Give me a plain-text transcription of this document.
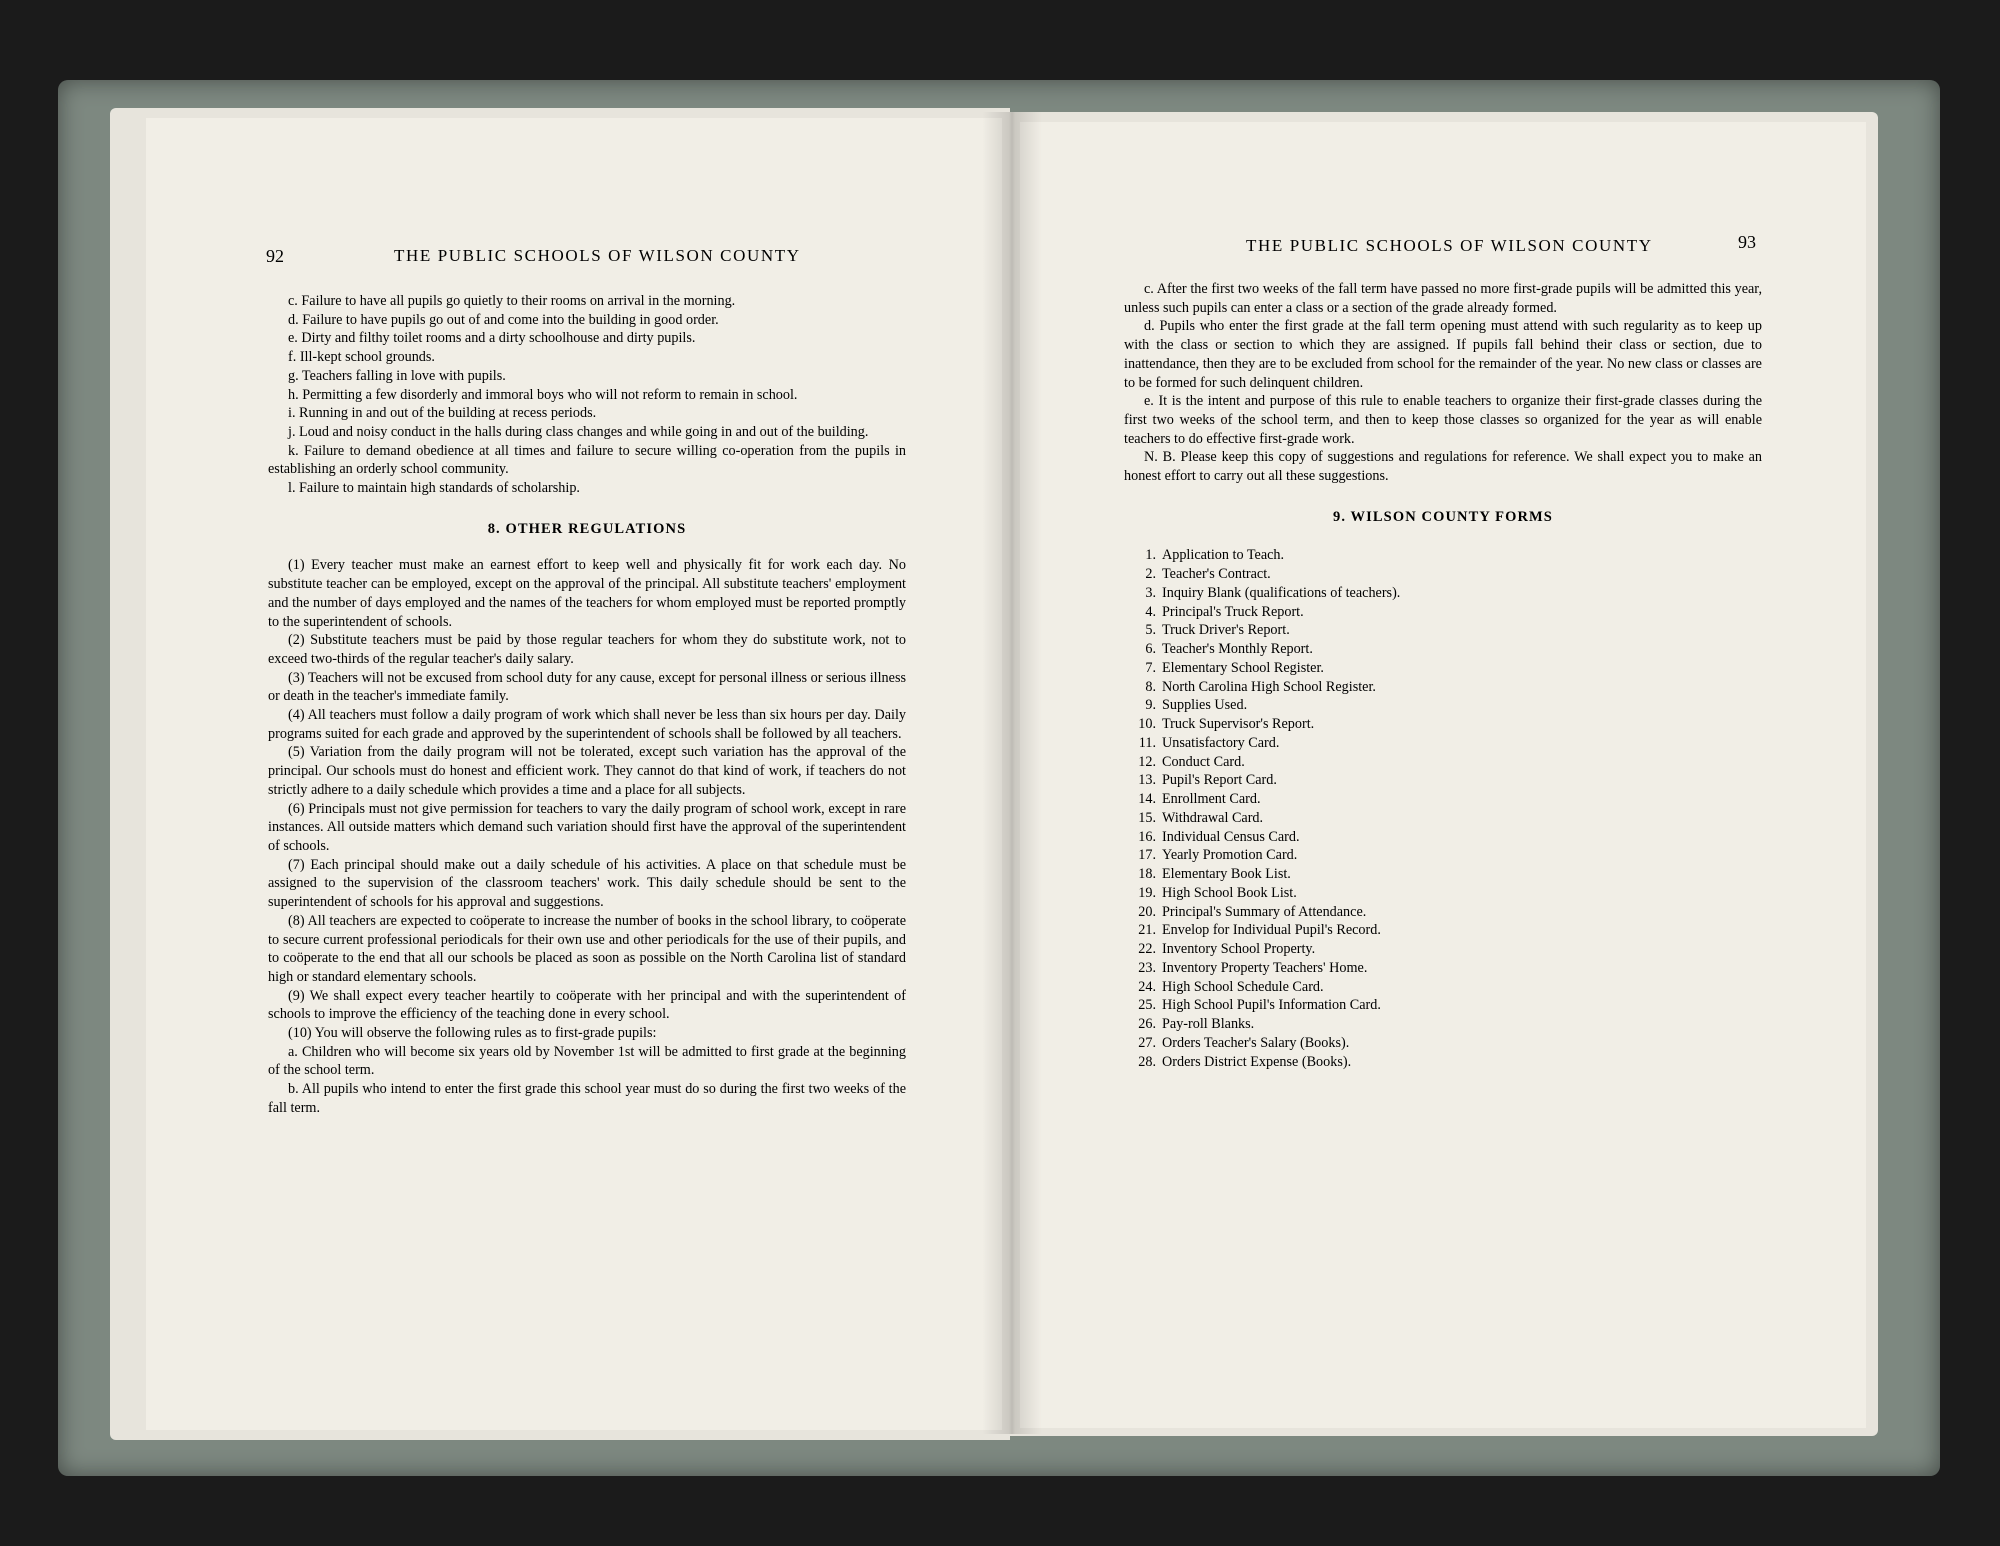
92	THE PUBLIC SCHOOLS OF WILSON COUNTY

c. Failure to have all pupils go quietly to their rooms on arrival in the morning.

d. Failure to have pupils go out of and come into the building in good order.

e. Dirty and filthy toilet rooms and a dirty schoolhouse and dirty pupils.

f. Ill-kept school grounds.

g. Teachers falling in love with pupils.

h. Permitting a few disorderly and immoral boys who will not reform to remain in school.

i. Running in and out of the building at recess periods.

j. Loud and noisy conduct in the halls during class changes and while going in and out of the building.

k. Failure to demand obedience at all times and failure to secure willing co-operation from the pupils in establishing an orderly school community.

l. Failure to maintain high standards of scholarship.

8. OTHER REGULATIONS

(1) Every teacher must make an earnest effort to keep well and physically fit for work each day. No substitute teacher can be employed, except on the approval of the principal. All substitute teachers' employment and the number of days employed and the names of the teachers for whom employed must be reported promptly to the superintendent of schools.

(2) Substitute teachers must be paid by those regular teachers for whom they do substitute work, not to exceed two-thirds of the regular teacher's daily salary.

(3) Teachers will not be excused from school duty for any cause, except for personal illness or serious illness or death in the teacher's immediate family.

(4) All teachers must follow a daily program of work which shall never be less than six hours per day. Daily programs suited for each grade and approved by the superintendent of schools shall be followed by all teachers.

(5) Variation from the daily program will not be tolerated, except such variation has the approval of the principal. Our schools must do honest and efficient work. They cannot do that kind of work, if teachers do not strictly adhere to a daily schedule which provides a time and a place for all subjects.

(6) Principals must not give permission for teachers to vary the daily program of school work, except in rare instances. All outside matters which demand such variation should first have the approval of the superintendent of schools.

(7) Each principal should make out a daily schedule of his activities. A place on that schedule must be assigned to the supervision of the classroom teachers' work. This daily schedule should be sent to the superintendent of schools for his approval and suggestions.

(8) All teachers are expected to coöperate to increase the number of books in the school library, to coöperate to secure current professional periodicals for their own use and other periodicals for the use of their pupils, and to coöperate to the end that all our schools be placed as soon as possible on the North Carolina list of standard high or standard elementary schools.

(9) We shall expect every teacher heartily to coöperate with her principal and with the superintendent of schools to improve the efficiency of the teaching done in every school.

(10) You will observe the following rules as to first-grade pupils:

a. Children who will become six years old by November 1st will be admitted to first grade at the beginning of the school term.

b. All pupils who intend to enter the first grade this school year must do so during the first two weeks of the fall term.

THE PUBLIC SCHOOLS OF WILSON COUNTY	93

c. After the first two weeks of the fall term have passed no more first-grade pupils will be admitted this year, unless such pupils can enter a class or a section of the grade already formed.

d. Pupils who enter the first grade at the fall term opening must attend with such regularity as to keep up with the class or section to which they are assigned. If pupils fall behind their class or section, due to inattendance, then they are to be excluded from school for the remainder of the year. No new class or classes are to be formed for such delinquent children.

e. It is the intent and purpose of this rule to enable teachers to organize their first-grade classes during the first two weeks of the school term, and then to keep those classes so organized for the year as will enable teachers to do effective first-grade work.

N. B. Please keep this copy of suggestions and regulations for reference. We shall expect you to make an honest effort to carry out all these suggestions.

9. WILSON COUNTY FORMS
1. Application to Teach.
2. Teacher's Contract.
3. Inquiry Blank (qualifications of teachers).
4. Principal's Truck Report.
5. Truck Driver's Report.
6. Teacher's Monthly Report.
7. Elementary School Register.
8. North Carolina High School Register.
9. Supplies Used.
10. Truck Supervisor's Report.
11. Unsatisfactory Card.
12. Conduct Card.
13. Pupil's Report Card.
14. Enrollment Card.
15. Withdrawal Card.
16. Individual Census Card.
17. Yearly Promotion Card.
18. Elementary Book List.
19. High School Book List.
20. Principal's Summary of Attendance.
21. Envelop for Individual Pupil's Record.
22. Inventory School Property.
23. Inventory Property Teachers' Home.
24. High School Schedule Card.
25. High School Pupil's Information Card.
26. Pay-roll Blanks.
27. Orders Teacher's Salary (Books).
28. Orders District Expense (Books).
